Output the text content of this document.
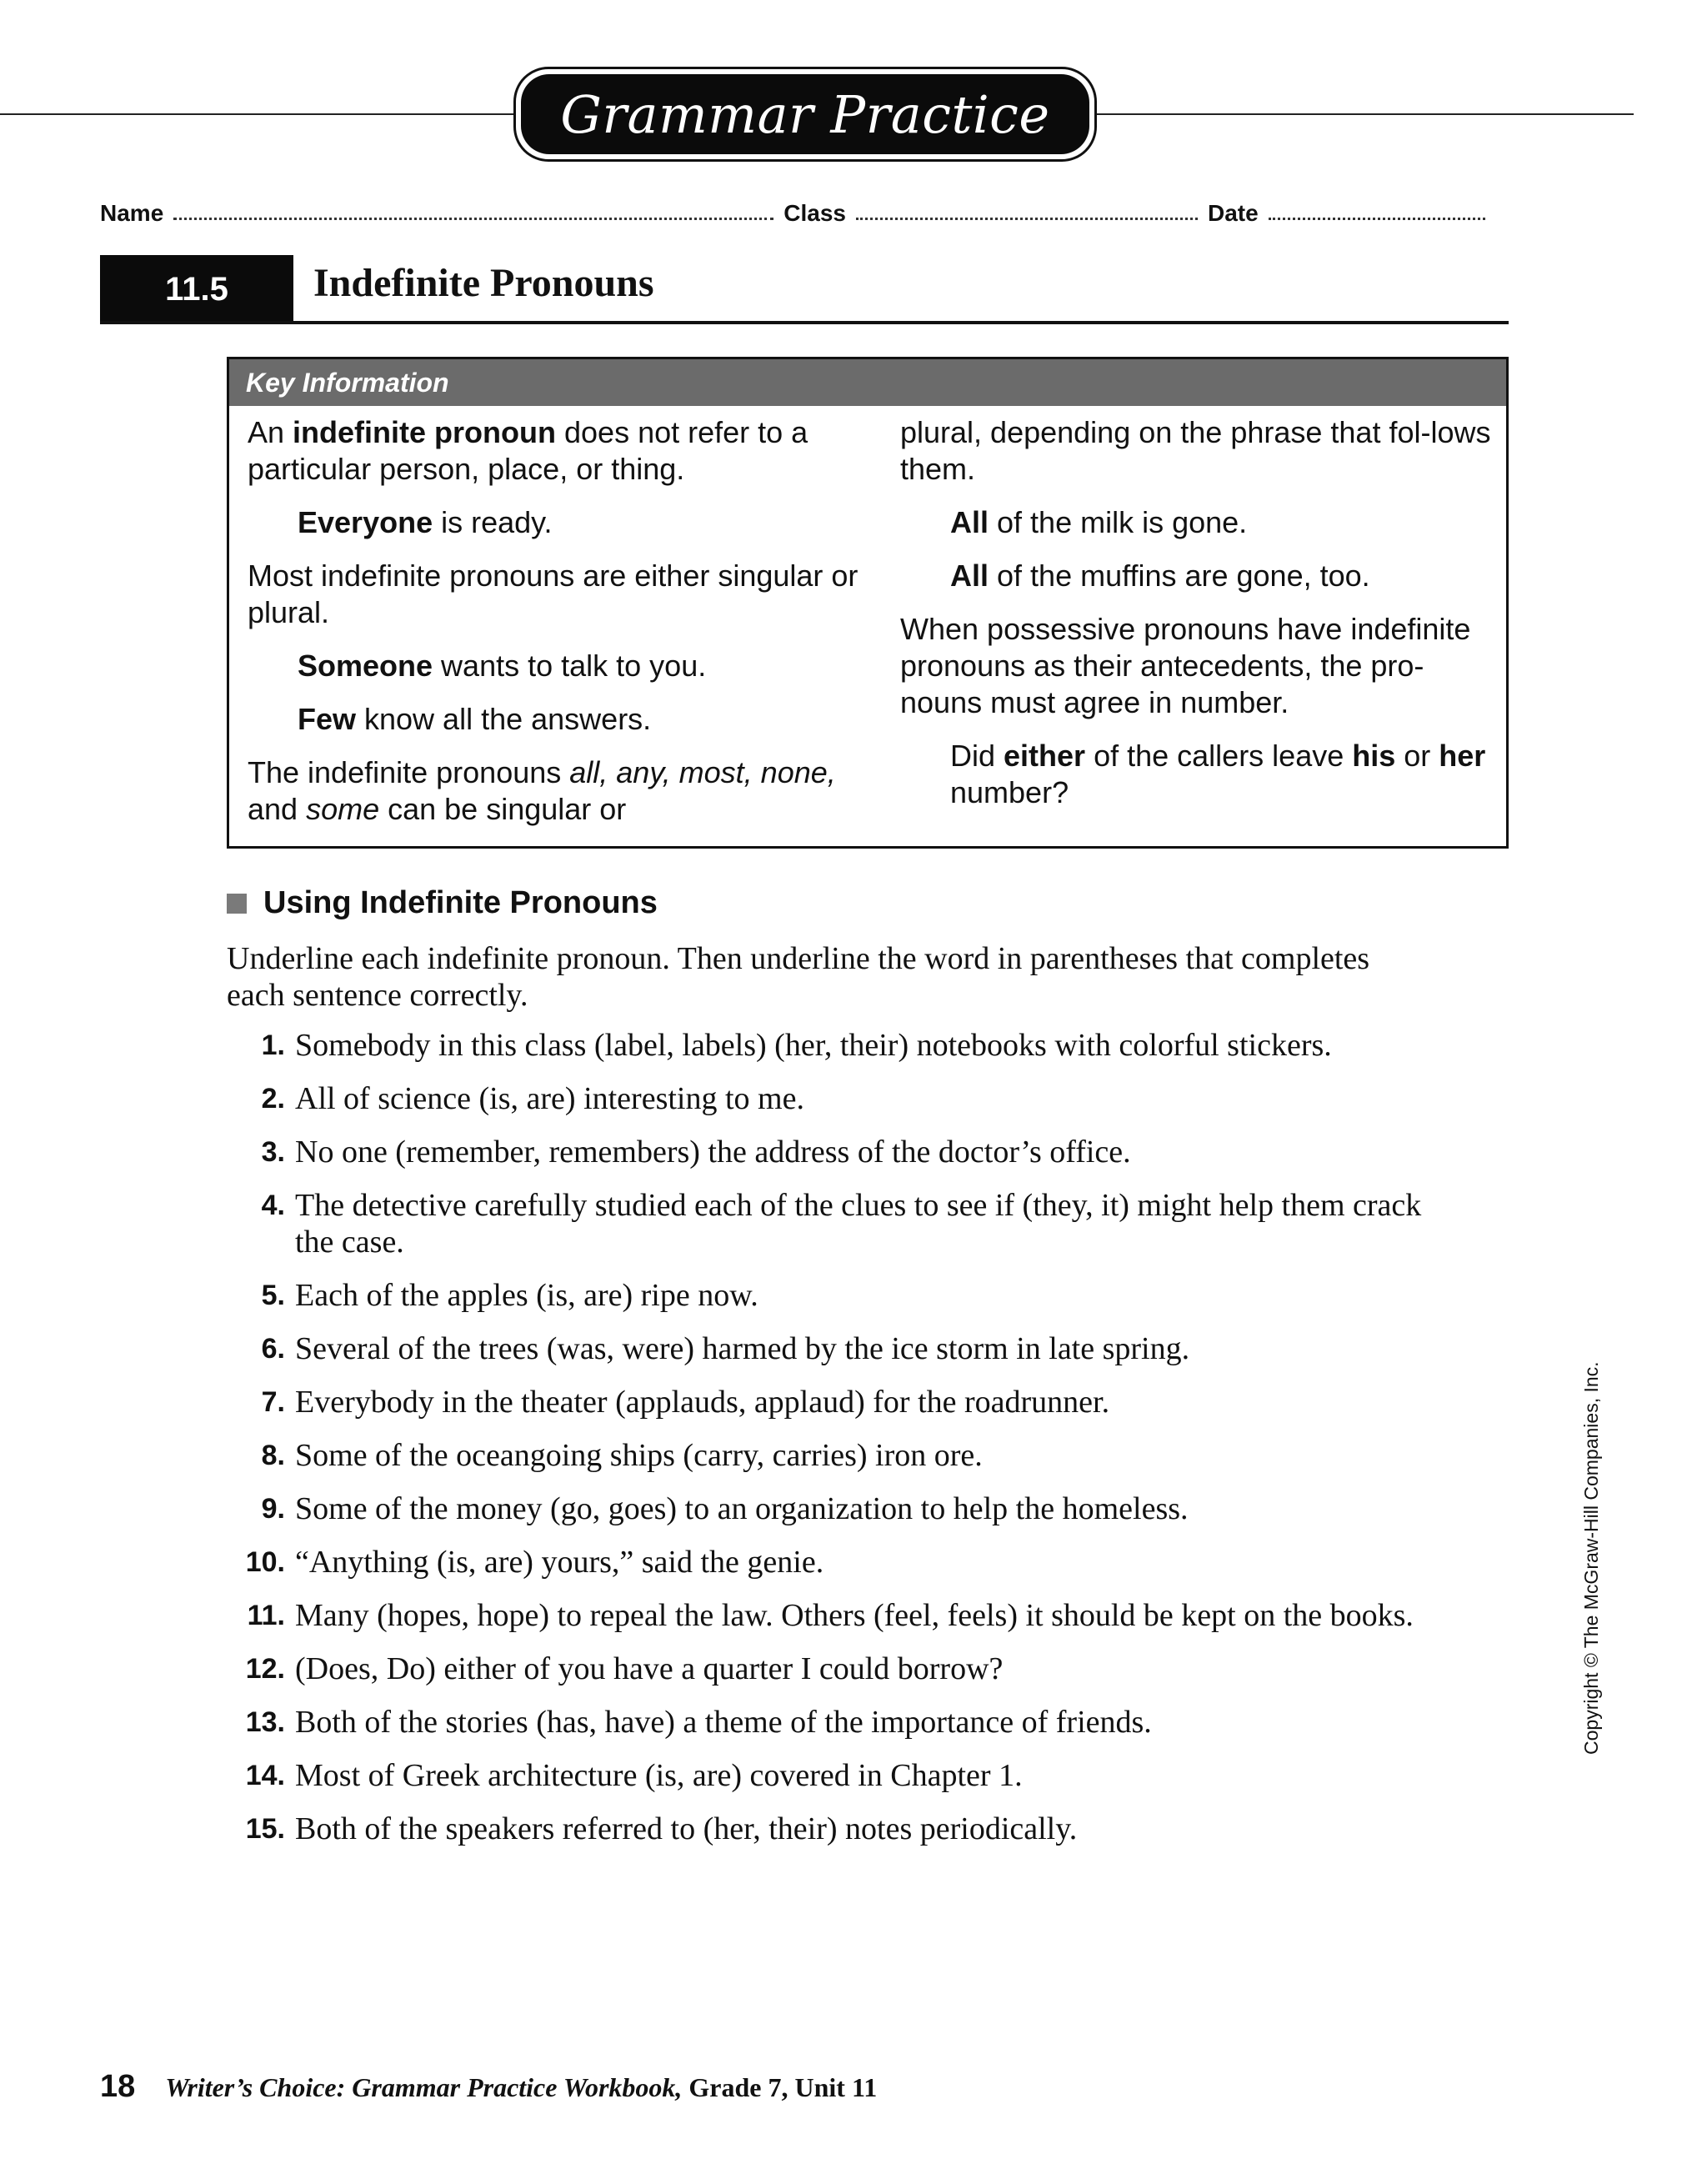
Grammar Practice
Name	Class	Date
11.5	Indefinite Pronouns
Key Information

An indefinite pronoun does not refer to a particular person, place, or thing.

Everyone is ready.

Most indefinite pronouns are either singular or plural.

Someone wants to talk to you.

Few know all the answers.

The indefinite pronouns all, any, most, none, and some can be singular or

plural, depending on the phrase that fol-lows them.

All of the milk is gone.

All of the muffins are gone, too.

When possessive pronouns have indefinite pronouns as their antecedents, the pro-nouns must agree in number.

Did either of the callers leave his or her number?

Using Indefinite Pronouns
Underline each indefinite pronoun. Then underline the word in parentheses that completes each sentence correctly.
1. Somebody in this class (label, labels) (her, their) notebooks with colorful stickers.
2. All of science (is, are) interesting to me.
3. No one (remember, remembers) the address of the doctor’s office.
4. The detective carefully studied each of the clues to see if (they, it) might help them crack the case.
5. Each of the apples (is, are) ripe now.
6. Several of the trees (was, were) harmed by the ice storm in late spring.
7. Everybody in the theater (applauds, applaud) for the roadrunner.
8. Some of the oceangoing ships (carry, carries) iron ore.
9. Some of the money (go, goes) to an organization to help the homeless.
10. “Anything (is, are) yours,” said the genie.
11. Many (hopes, hope) to repeal the law. Others (feel, feels) it should be kept on the books.
12. (Does, Do) either of you have a quarter I could borrow?
13. Both of the stories (has, have) a theme of the importance of friends.
14. Most of Greek architecture (is, are) covered in Chapter 1.
15. Both of the speakers referred to (her, their) notes periodically.
Copyright © The McGraw-Hill Companies, Inc.
18 Writer’s Choice: Grammar Practice Workbook, Grade 7, Unit 11
